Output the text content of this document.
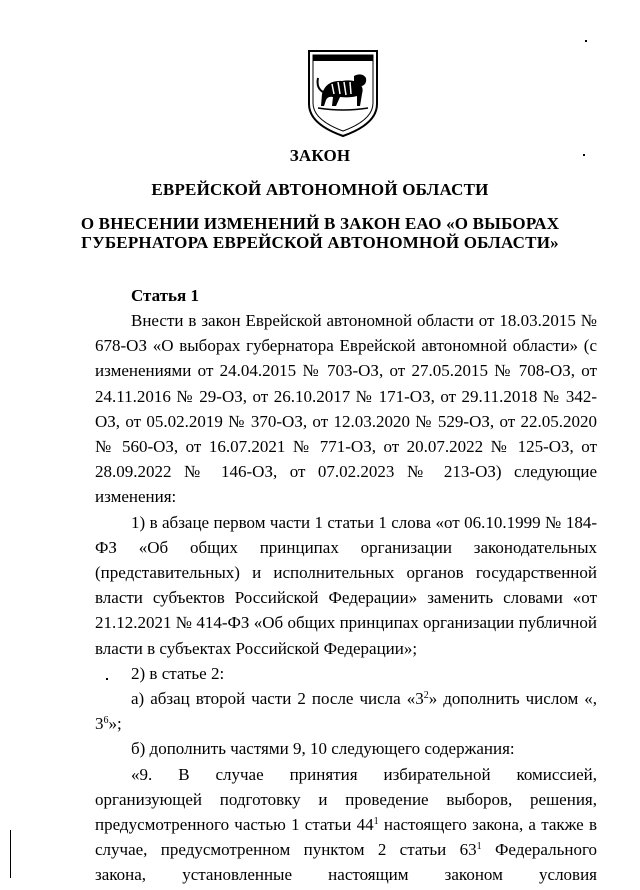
ЗАКОН
ЕВРЕЙСКОЙ АВТОНОМНОЙ ОБЛАСТИ
О ВНЕСЕНИИ ИЗМЕНЕНИЙ В ЗАКОН ЕАО «О ВЫБОРАХ
ГУБЕРНАТОРА ЕВРЕЙСКОЙ АВТОНОМНОЙ ОБЛАСТИ»
Статья 1

Внести в закон Еврейской автономной области от 18.03.2015 № 678-ОЗ «О выборах губернатора Еврейской автономной области» (с изменениями от 24.04.2015 № 703-ОЗ, от 27.05.2015 № 708-ОЗ, от 24.11.2016 № 29-ОЗ, от 26.10.2017 № 171-ОЗ, от 29.11.2018 № 342-ОЗ, от 05.02.2019 № 370-ОЗ, от 12.03.2020 № 529-ОЗ, от 22.05.2020 № 560-ОЗ, от 16.07.2021 № 771-ОЗ, от 20.07.2022 № 125-ОЗ, от 28.09.2022 № 146-ОЗ, от 07.02.2023 № 213-ОЗ) следующие изменения:

1) в абзаце первом части 1 статьи 1 слова «от 06.10.1999 № 184-ФЗ «Об общих принципах организации законодательных (представительных) и исполнительных органов государственной власти субъектов Российской Федерации» заменить словами «от 21.12.2021 № 414-ФЗ «Об общих принципах организации публичной власти в субъектах Российской Федерации»;

2) в статье 2:

а) абзац второй части 2 после числа «$3^2$» дополнить числом «, $3^6$»;

б) дополнить частями 9, 10 следующего содержания:

«9. В случае принятия избирательной комиссией, организующей подготовку и проведение выборов, решения, предусмотренного частью 1 статьи $44^1$ настоящего закона, а также в случае, предусмотренном пунктом 2 статьи $63^1$ Федерального закона, установленные настоящим законом условия
